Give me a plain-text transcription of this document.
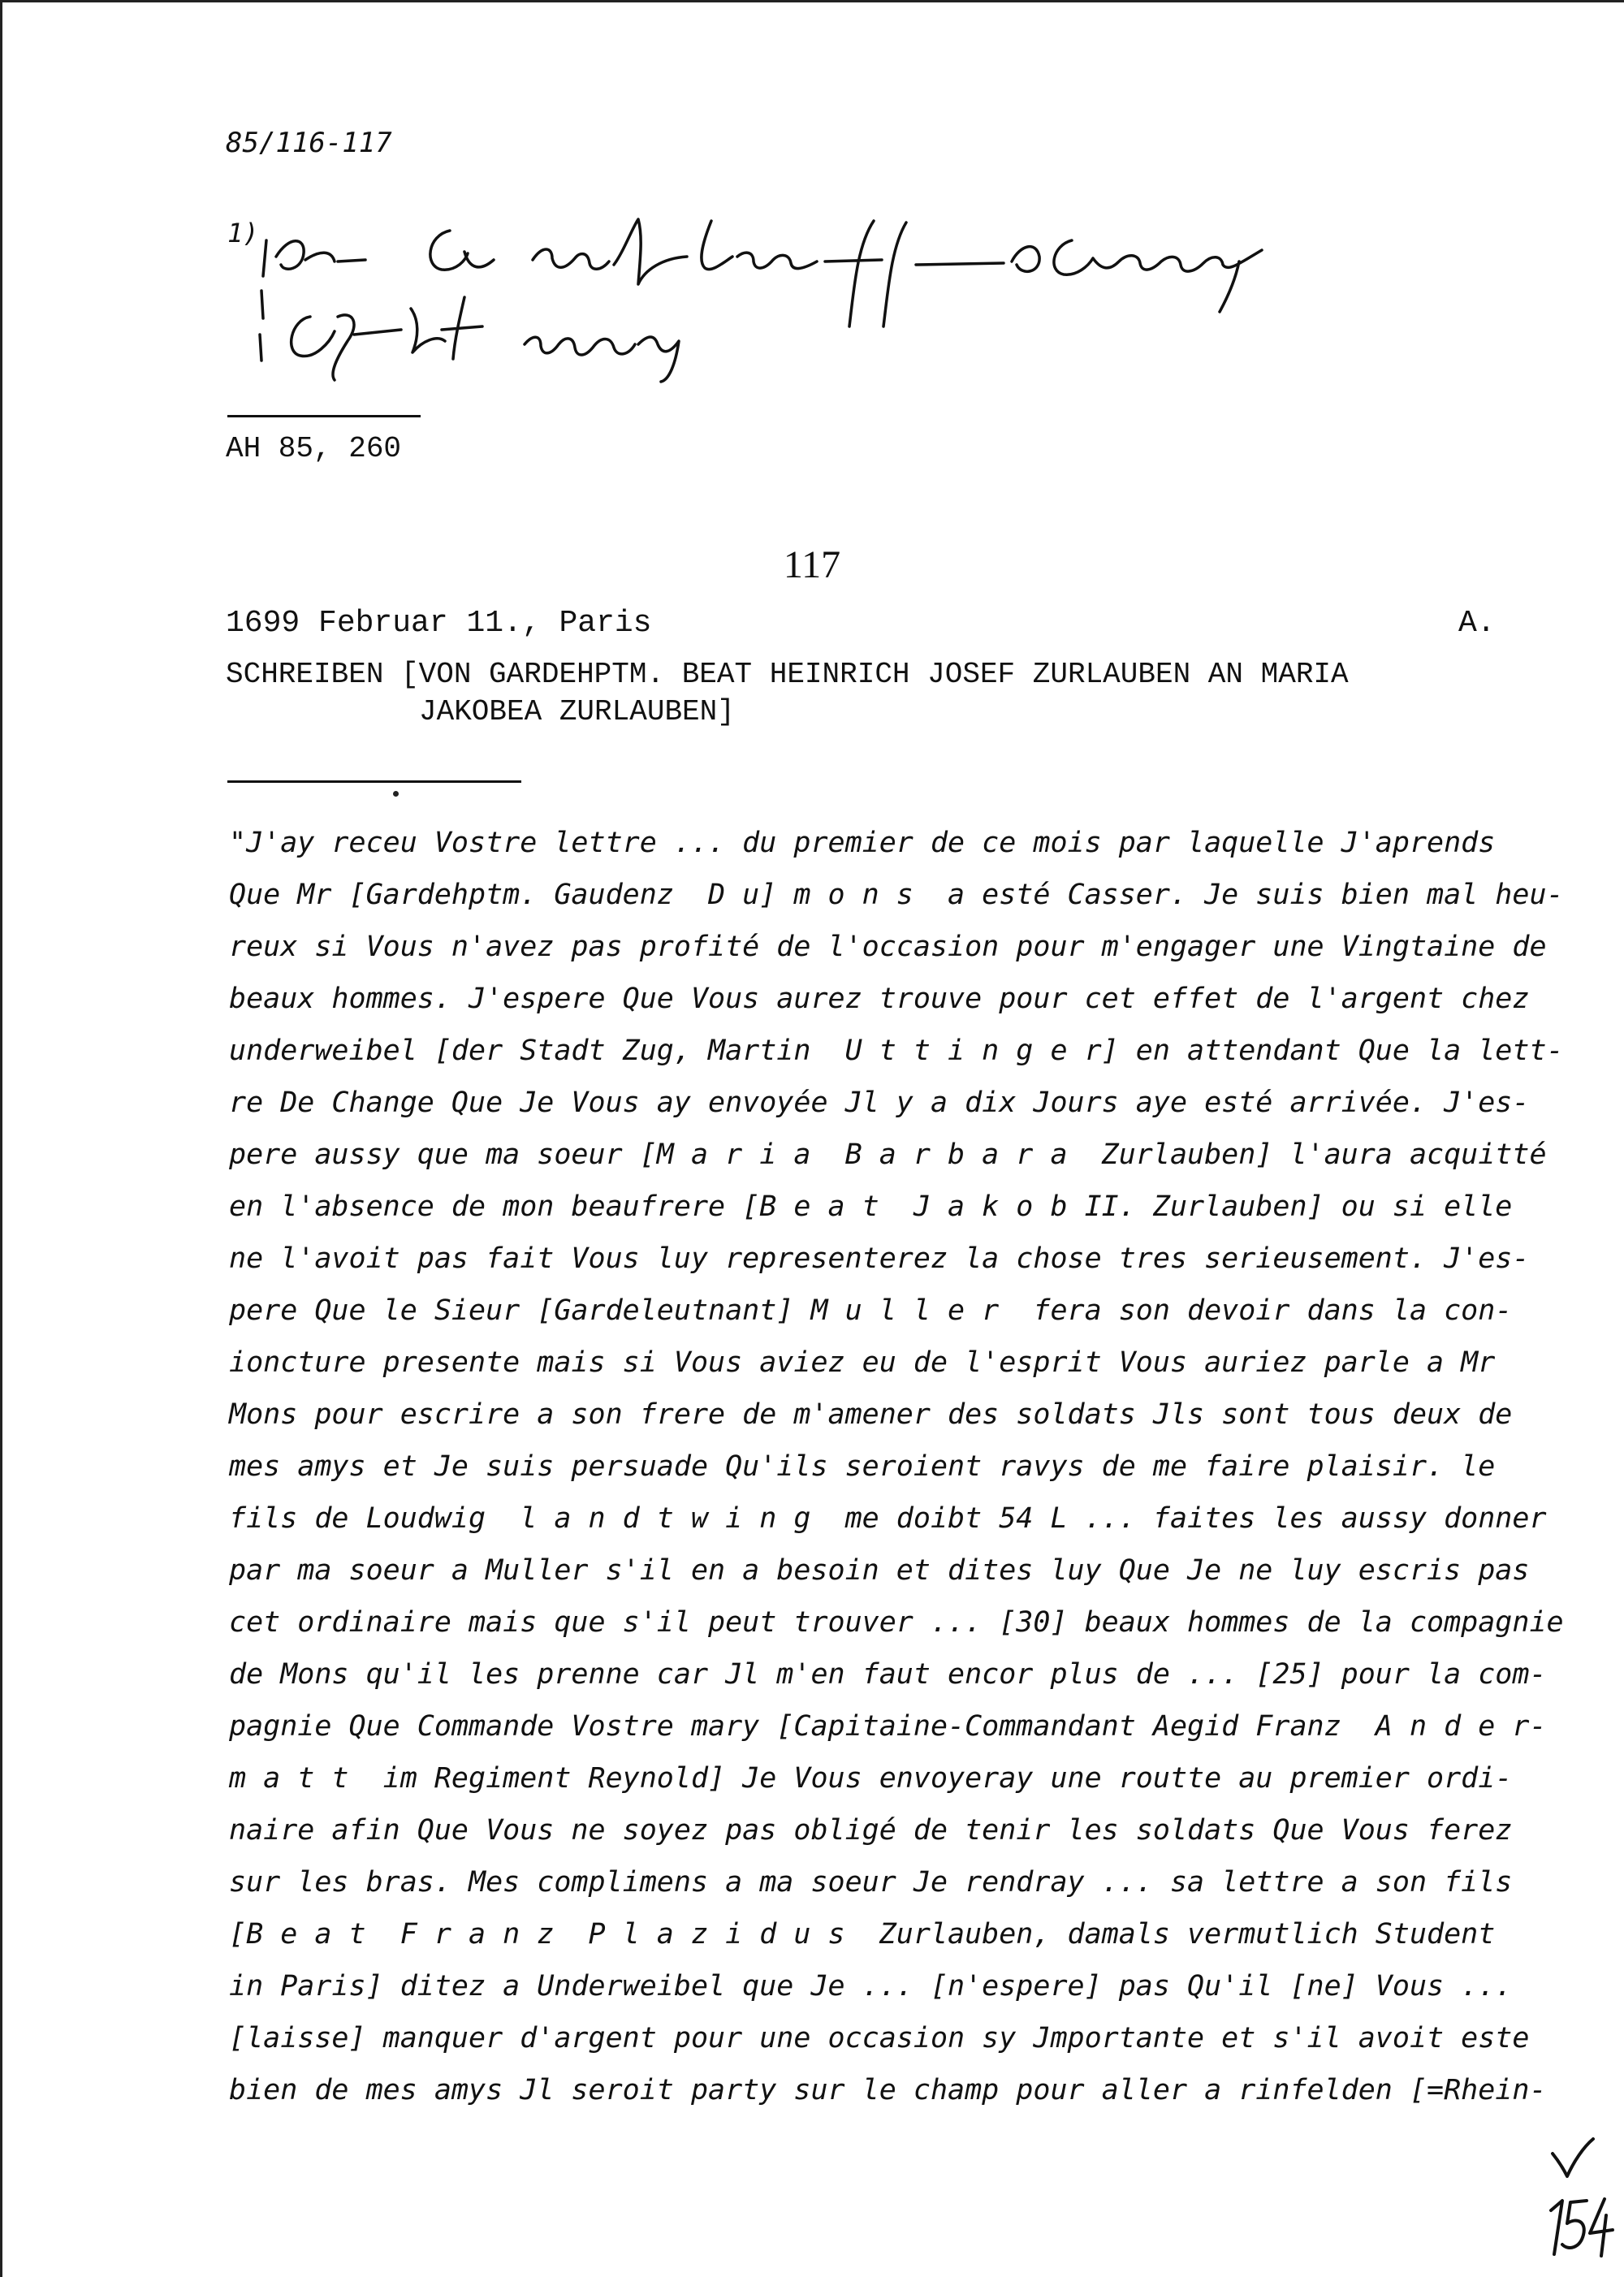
85/116-117
1)
AH 85, 260
117
1699 Februar 11., Paris	A.
SCHREIBEN [VON GARDEHPTM. BEAT HEINRICH JOSEF ZURLAUBEN AN MARIA
JAKOBEA ZURLAUBEN]
"J'ay receu Vostre lettre ... du premier de ce mois par laquelle J'aprends
Que Mr [Gardehptm. Gaudenz  D u] m o n s  a esté Casser. Je suis bien mal heu-
reux si Vous n'avez pas profité de l'occasion pour m'engager une Vingtaine de
beaux hommes. J'espere Que Vous aurez trouve pour cet effet de l'argent chez
underweibel [der Stadt Zug, Martin  U t t i n g e r] en attendant Que la lett-
re De Change Que Je Vous ay envoyée Jl y a dix Jours aye esté arrivée. J'es-
pere aussy que ma soeur [M a r i a  B a r b a r a  Zurlauben] l'aura acquitté
en l'absence de mon beaufrere [B e a t  J a k o b II. Zurlauben] ou si elle
ne l'avoit pas fait Vous luy representerez la chose tres serieusement. J'es-
pere Que le Sieur [Gardeleutnant] M u l l e r  fera son devoir dans la con-
ioncture presente mais si Vous aviez eu de l'esprit Vous auriez parle a Mr
Mons pour escrire a son frere de m'amener des soldats Jls sont tous deux de
mes amys et Je suis persuade Qu'ils seroient ravys de me faire plaisir. le
fils de Loudwig  l a n d t w i n g  me doibt 54 L ... faites les aussy donner
par ma soeur a Muller s'il en a besoin et dites luy Que Je ne luy escris pas
cet ordinaire mais que s'il peut trouver ... [30] beaux hommes de la compagnie
de Mons qu'il les prenne car Jl m'en faut encor plus de ... [25] pour la com-
pagnie Que Commande Vostre mary [Capitaine-Commandant Aegid Franz  A n d e r-
m a t t  im Regiment Reynold] Je Vous envoyeray une routte au premier ordi-
naire afin Que Vous ne soyez pas obligé de tenir les soldats Que Vous ferez
sur les bras. Mes complimens a ma soeur Je rendray ... sa lettre a son fils
[B e a t  F r a n z  P l a z i d u s  Zurlauben, damals vermutlich Student
in Paris] ditez a Underweibel que Je ... [n'espere] pas Qu'il [ne] Vous ...
[laisse] manquer d'argent pour une occasion sy Jmportante et s'il avoit este
bien de mes amys Jl seroit party sur le champ pour aller a rinfelden [=Rhein-
